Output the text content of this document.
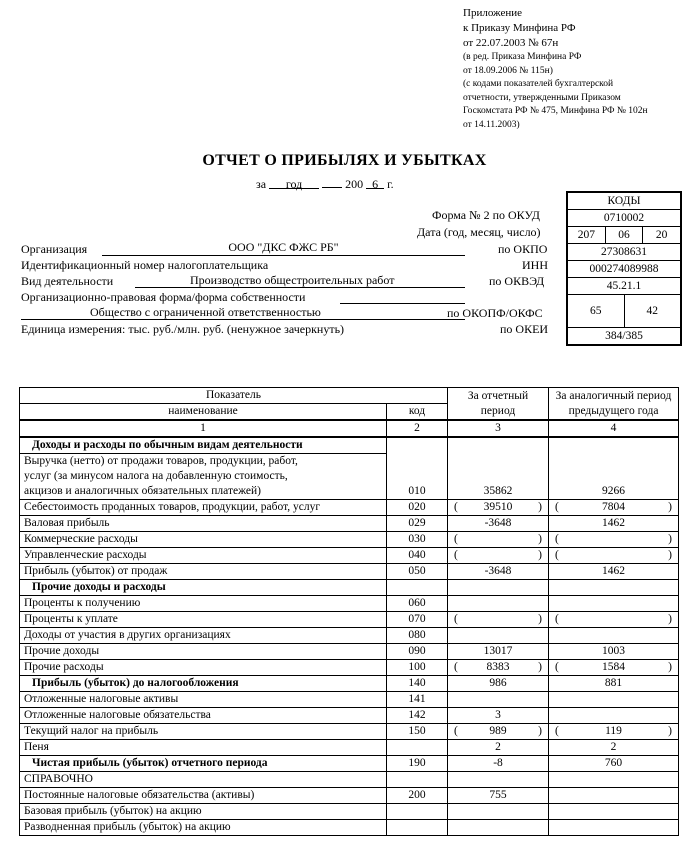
Приложение
к Приказу Минфина РФ
от 22.07.2003 № 67н
(в ред. Приказа Минфина РФ
от 18.09.2006 № 115н)
(с кодами показателей бухгалтерской
отчетности, утвержденными Приказом
Госкомстата РФ № 475, Минфина РФ № 102н
от 14.11.2003)
ОТЧЕТ О ПРИБЫЛЯХ И УБЫТКАХ
за год	200 6 г.
КОДЫ
0710002
207	06	20
27308631
000274089988
45.21.1
65	42
384/385
Форма № 2 по ОКУД
Дата (год, месяц, число)
Организация	ООО "ДКС ФЖС РБ"	по ОКПО
Идентификационный номер налогоплательщика	ИНН
Вид деятельности	Производство общестроительных работ	по ОКВЭД
Организационно-правовая форма/форма собственности
Общество с ограниченной ответственностью	по ОКОПФ/ОКФС
Единица измерения: тыс. руб./млн. руб. (ненужное зачеркнуть)	по ОКЕИ
Показатель		За отчетный	За аналогичный период
наименование	код	период	предыдущего года
1	2	3	4
Доходы и расходы по обычным видам деятельности			
Выручка (нетто) от продажи товаров, продукции, работ,			
услуг (за минусом налога на добавленную стоимость,			
акцизов и аналогичных обязательных платежей)	010	35862	9266
Себестоимость проданных товаров, продукции, работ, услуг	020	( 39510 )	( 7804 )

Валовая прибыль	029	-3648	1462
Коммерческие расходы	030	( )	( )

Управленческие расходы	040	( )	( )

Прибыль (убыток) от продаж	050	-3648	1462
Прочие доходы и расходы			
Проценты к получению	060		
Проценты к уплате	070	( )	( )

Доходы от участия в других организациях	080		
Прочие доходы	090	13017	1003
Прочие расходы	100	( 8383 )	( 1584 )

Прибыль (убыток) до налогообложения	140	986	881
Отложенные налоговые активы	141		
Отложенные налоговые обязательства	142	3	
Текущий налог на прибыль	150	( 989 )	( 119 )

Пеня		2	2
Чистая прибыль (убыток) отчетного периода	190	-8	760
СПРАВОЧНО			
Постоянные налоговые обязательства (активы)	200	755	
Базовая прибыль (убыток) на акцию			
Разводненная прибыль (убыток) на акцию			
